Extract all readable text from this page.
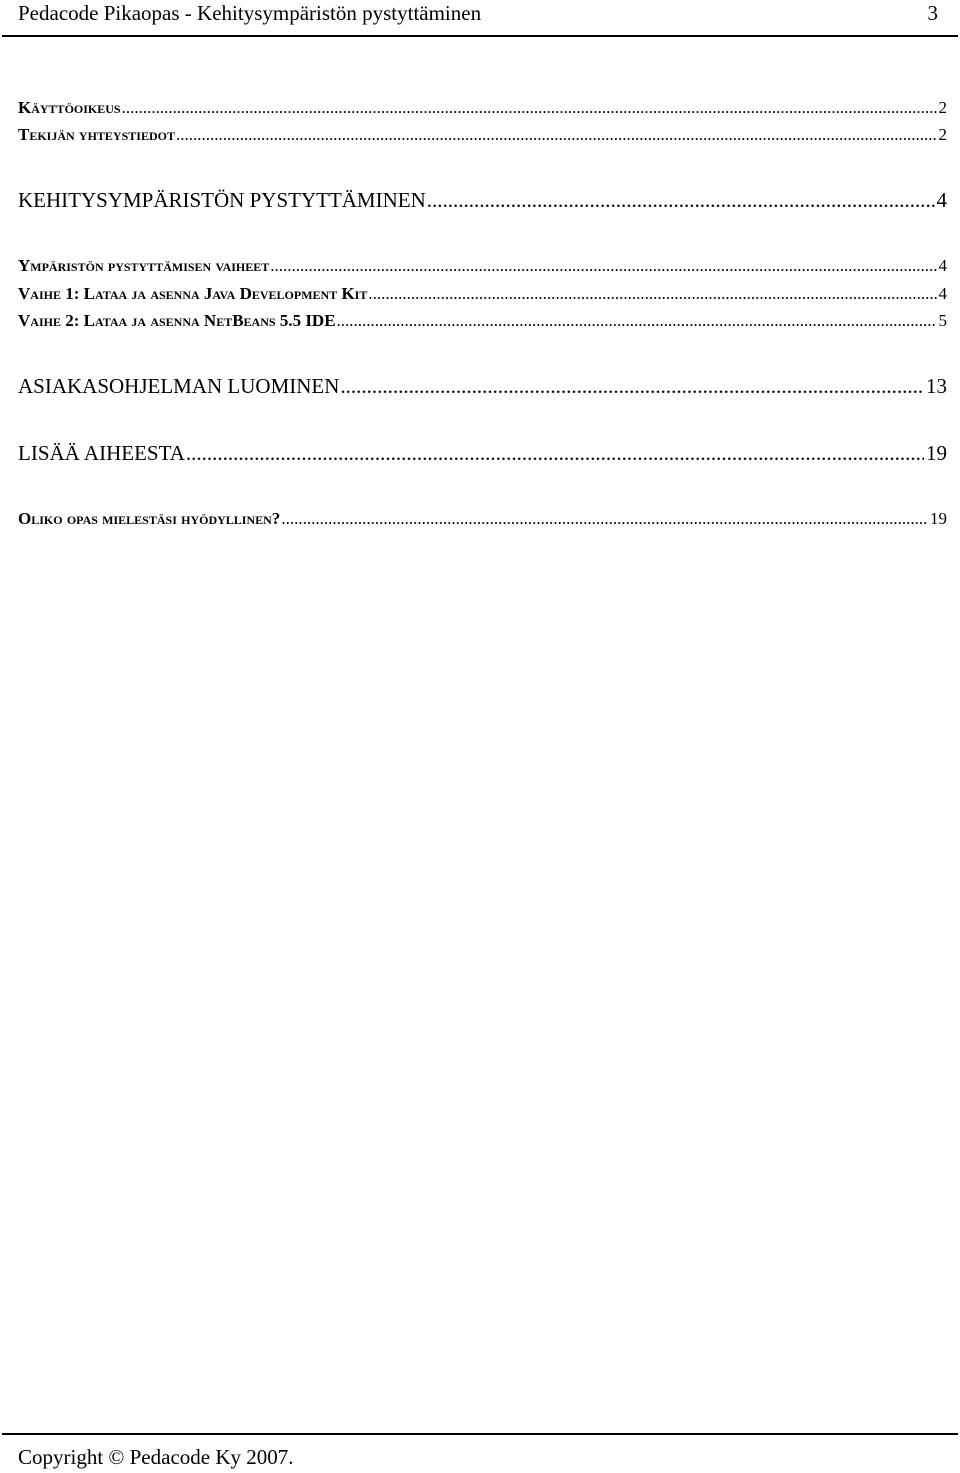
Pedacode Pikaopas - Kehitysympäristön pystyttäminen	3
Käyttöoikeus .....	2
Tekijän yhteystiedot .....	2
KEHITYSYMPÄRISTÖN PYSTYTTÄMINEN .....	4
Ympäristön pystyttämisen vaiheet .....	4
Vaihe 1: Lataa ja asenna Java Development Kit .....	4
Vaihe 2: Lataa ja asenna NetBeans 5.5 IDE .....	5
ASIAKASOHJELMAN LUOMINEN .....	13
LISÄÄ AIHEESTA .....	19
Oliko opas mielestäsi hyödyllinen? .....	19
Copyright © Pedacode Ky 2007.
